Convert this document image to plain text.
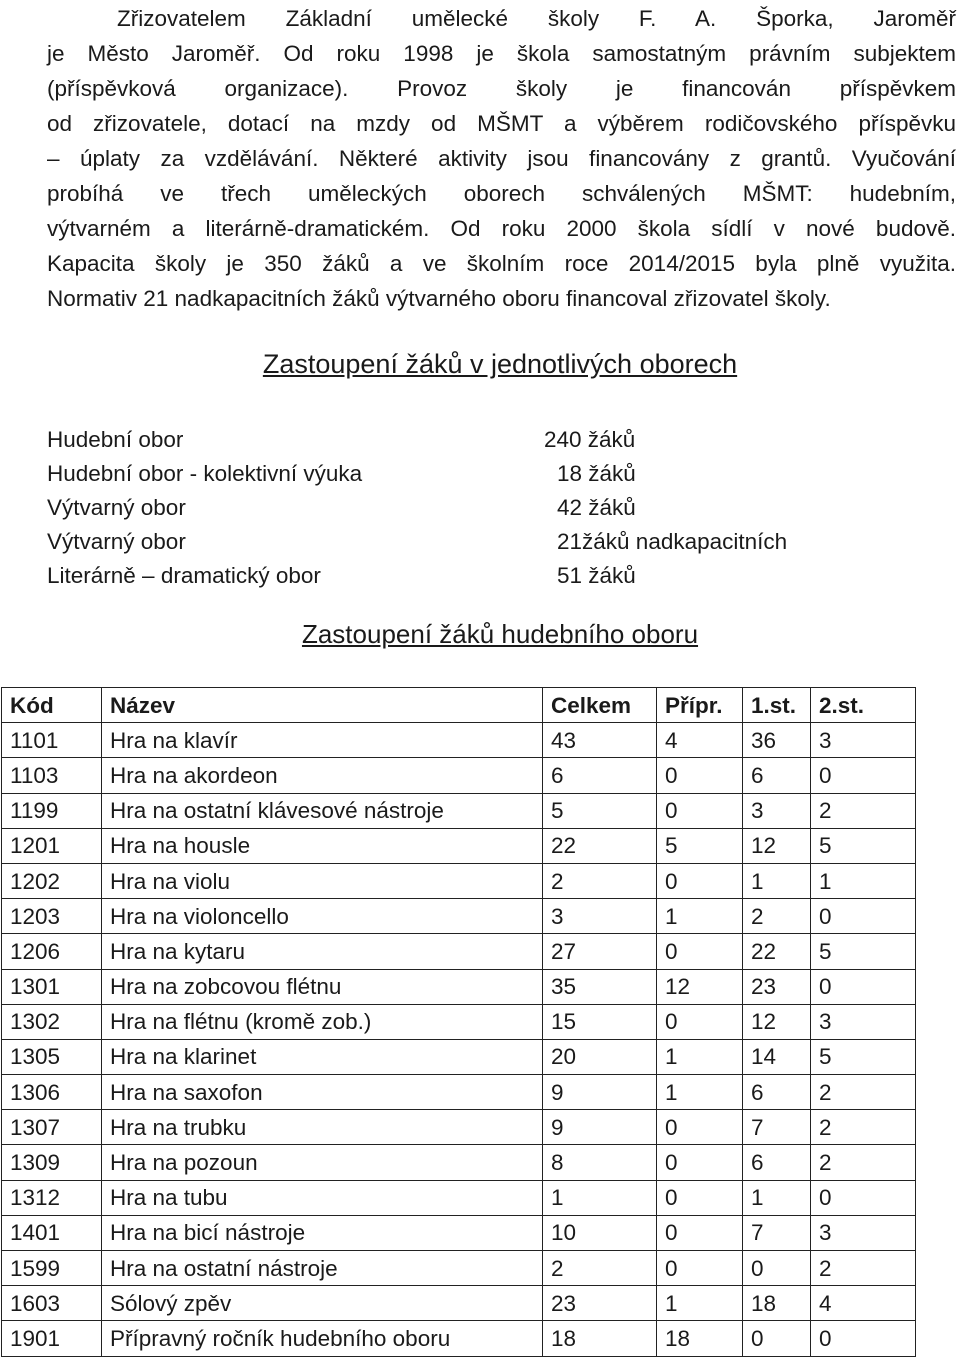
Zřizovatelem Základní umělecké školy F. A. Šporka, Jaroměř
je Město Jaroměř. Od roku 1998 je škola samostatným právním subjektem
(příspěvková organizace). Provoz školy je financován příspěvkem
od zřizovatele, dotací na mzdy od MŠMT a výběrem rodičovského příspěvku
– úplaty za vzdělávání. Některé aktivity jsou financovány z grantů. Vyučování
probíhá ve třech uměleckých oborech schválených MŠMT: hudebním,
výtvarném a literárně-dramatickém. Od roku 2000 škola sídlí v nové budově.
Kapacita školy je 350 žáků a ve školním roce 2014/2015 byla plně využita.
Normativ 21 nadkapacitních žáků výtvarného oboru financoval zřizovatel školy.
Zastoupení žáků v jednotlivých oborech
Hudební obor	240 žáků
Hudební obor - kolektivní výuka	18 žáků
Výtvarný obor	42 žáků
Výtvarný obor	21žáků nadkapacitních
Literárně – dramatický obor	51 žáků
Zastoupení žáků hudebního oboru
Kód	Název	Celkem	Přípr.	1.st.	2.st.
1101	Hra na klavír	43	4	36	3
1103	Hra na akordeon	6	0	6	0
1199	Hra na ostatní klávesové nástroje	5	0	3	2
1201	Hra na housle	22	5	12	5
1202	Hra na violu	2	0	1	1
1203	Hra na violoncello	3	1	2	0
1206	Hra na kytaru	27	0	22	5
1301	Hra na zobcovou flétnu	35	12	23	0
1302	Hra na flétnu (kromě zob.)	15	0	12	3
1305	Hra na klarinet	20	1	14	5
1306	Hra na saxofon	9	1	6	2
1307	Hra na trubku	9	0	7	2
1309	Hra na pozoun	8	0	6	2
1312	Hra na tubu	1	0	1	0
1401	Hra na bicí nástroje	10	0	7	3
1599	Hra na ostatní nástroje	2	0	0	2
1603	Sólový zpěv	23	1	18	4
1901	Přípravný ročník hudebního oboru	18	18	0	0
